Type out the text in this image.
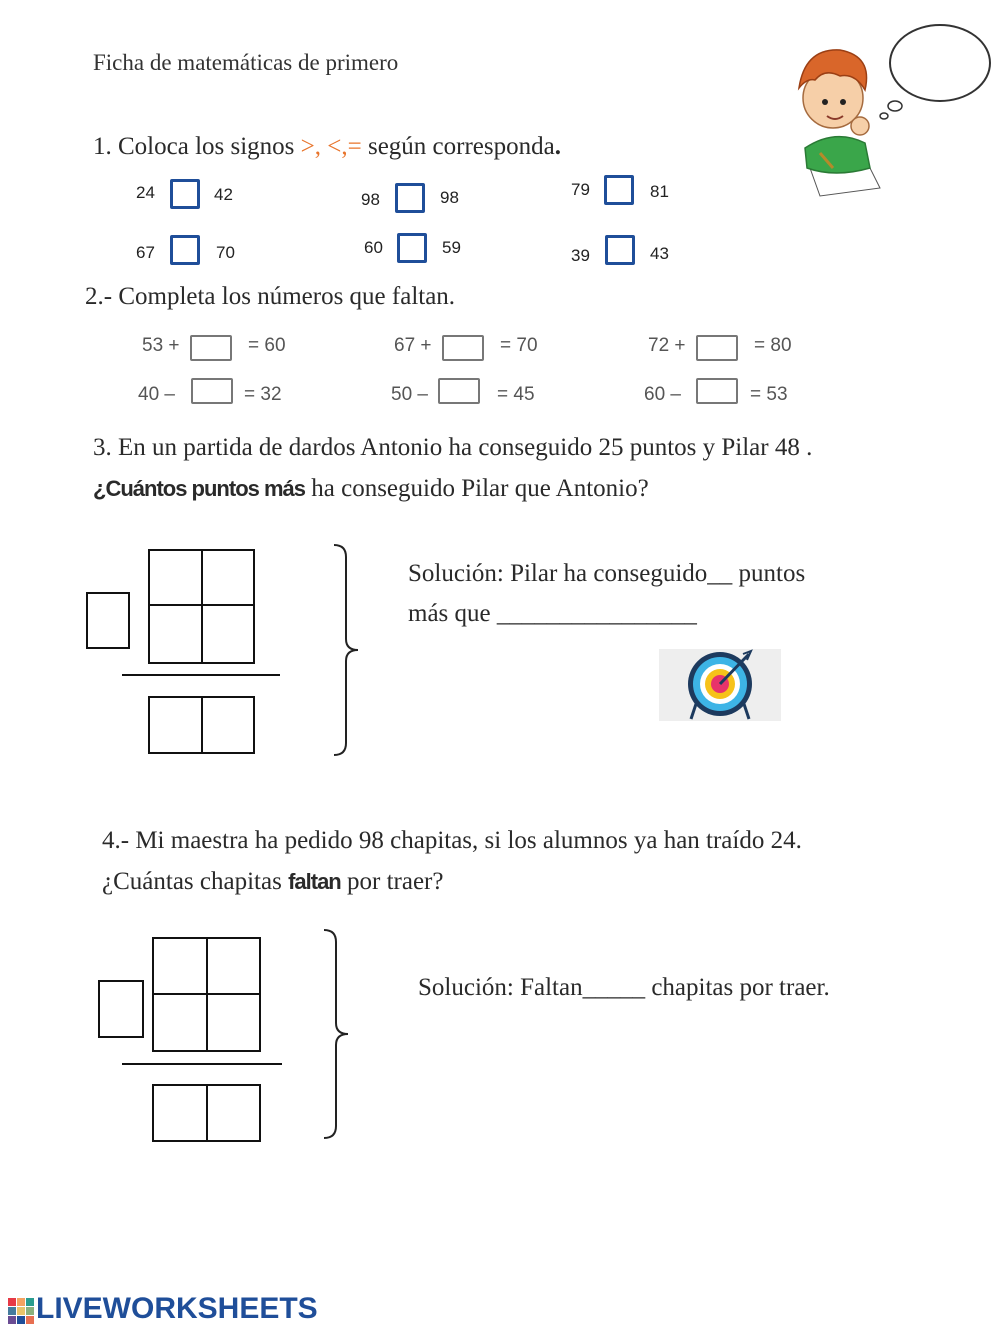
Ficha de matemáticas de primero
1. Coloca los signos >, <,= según corresponda.
24	42	98	98	79	81
67	70	60	59	39	43
2.- Completa los números que faltan.
53 +	= 60	67 +	= 70	72 +	= 80
40 –	= 32	50 –	= 45	60 –	= 53
3. En un partida de dardos Antonio ha conseguido 25 puntos y Pilar 48 .
¿Cuántos puntos más ha conseguido Pilar que Antonio?
Solución: Pilar ha conseguido__ puntos
más que ________________
4.- Mi maestra ha pedido 98 chapitas, si los alumnos ya han traído 24.
¿Cuántas chapitas faltan por traer?
Solución: Faltan_____ chapitas por traer.
LIVEWORKSHEETS
